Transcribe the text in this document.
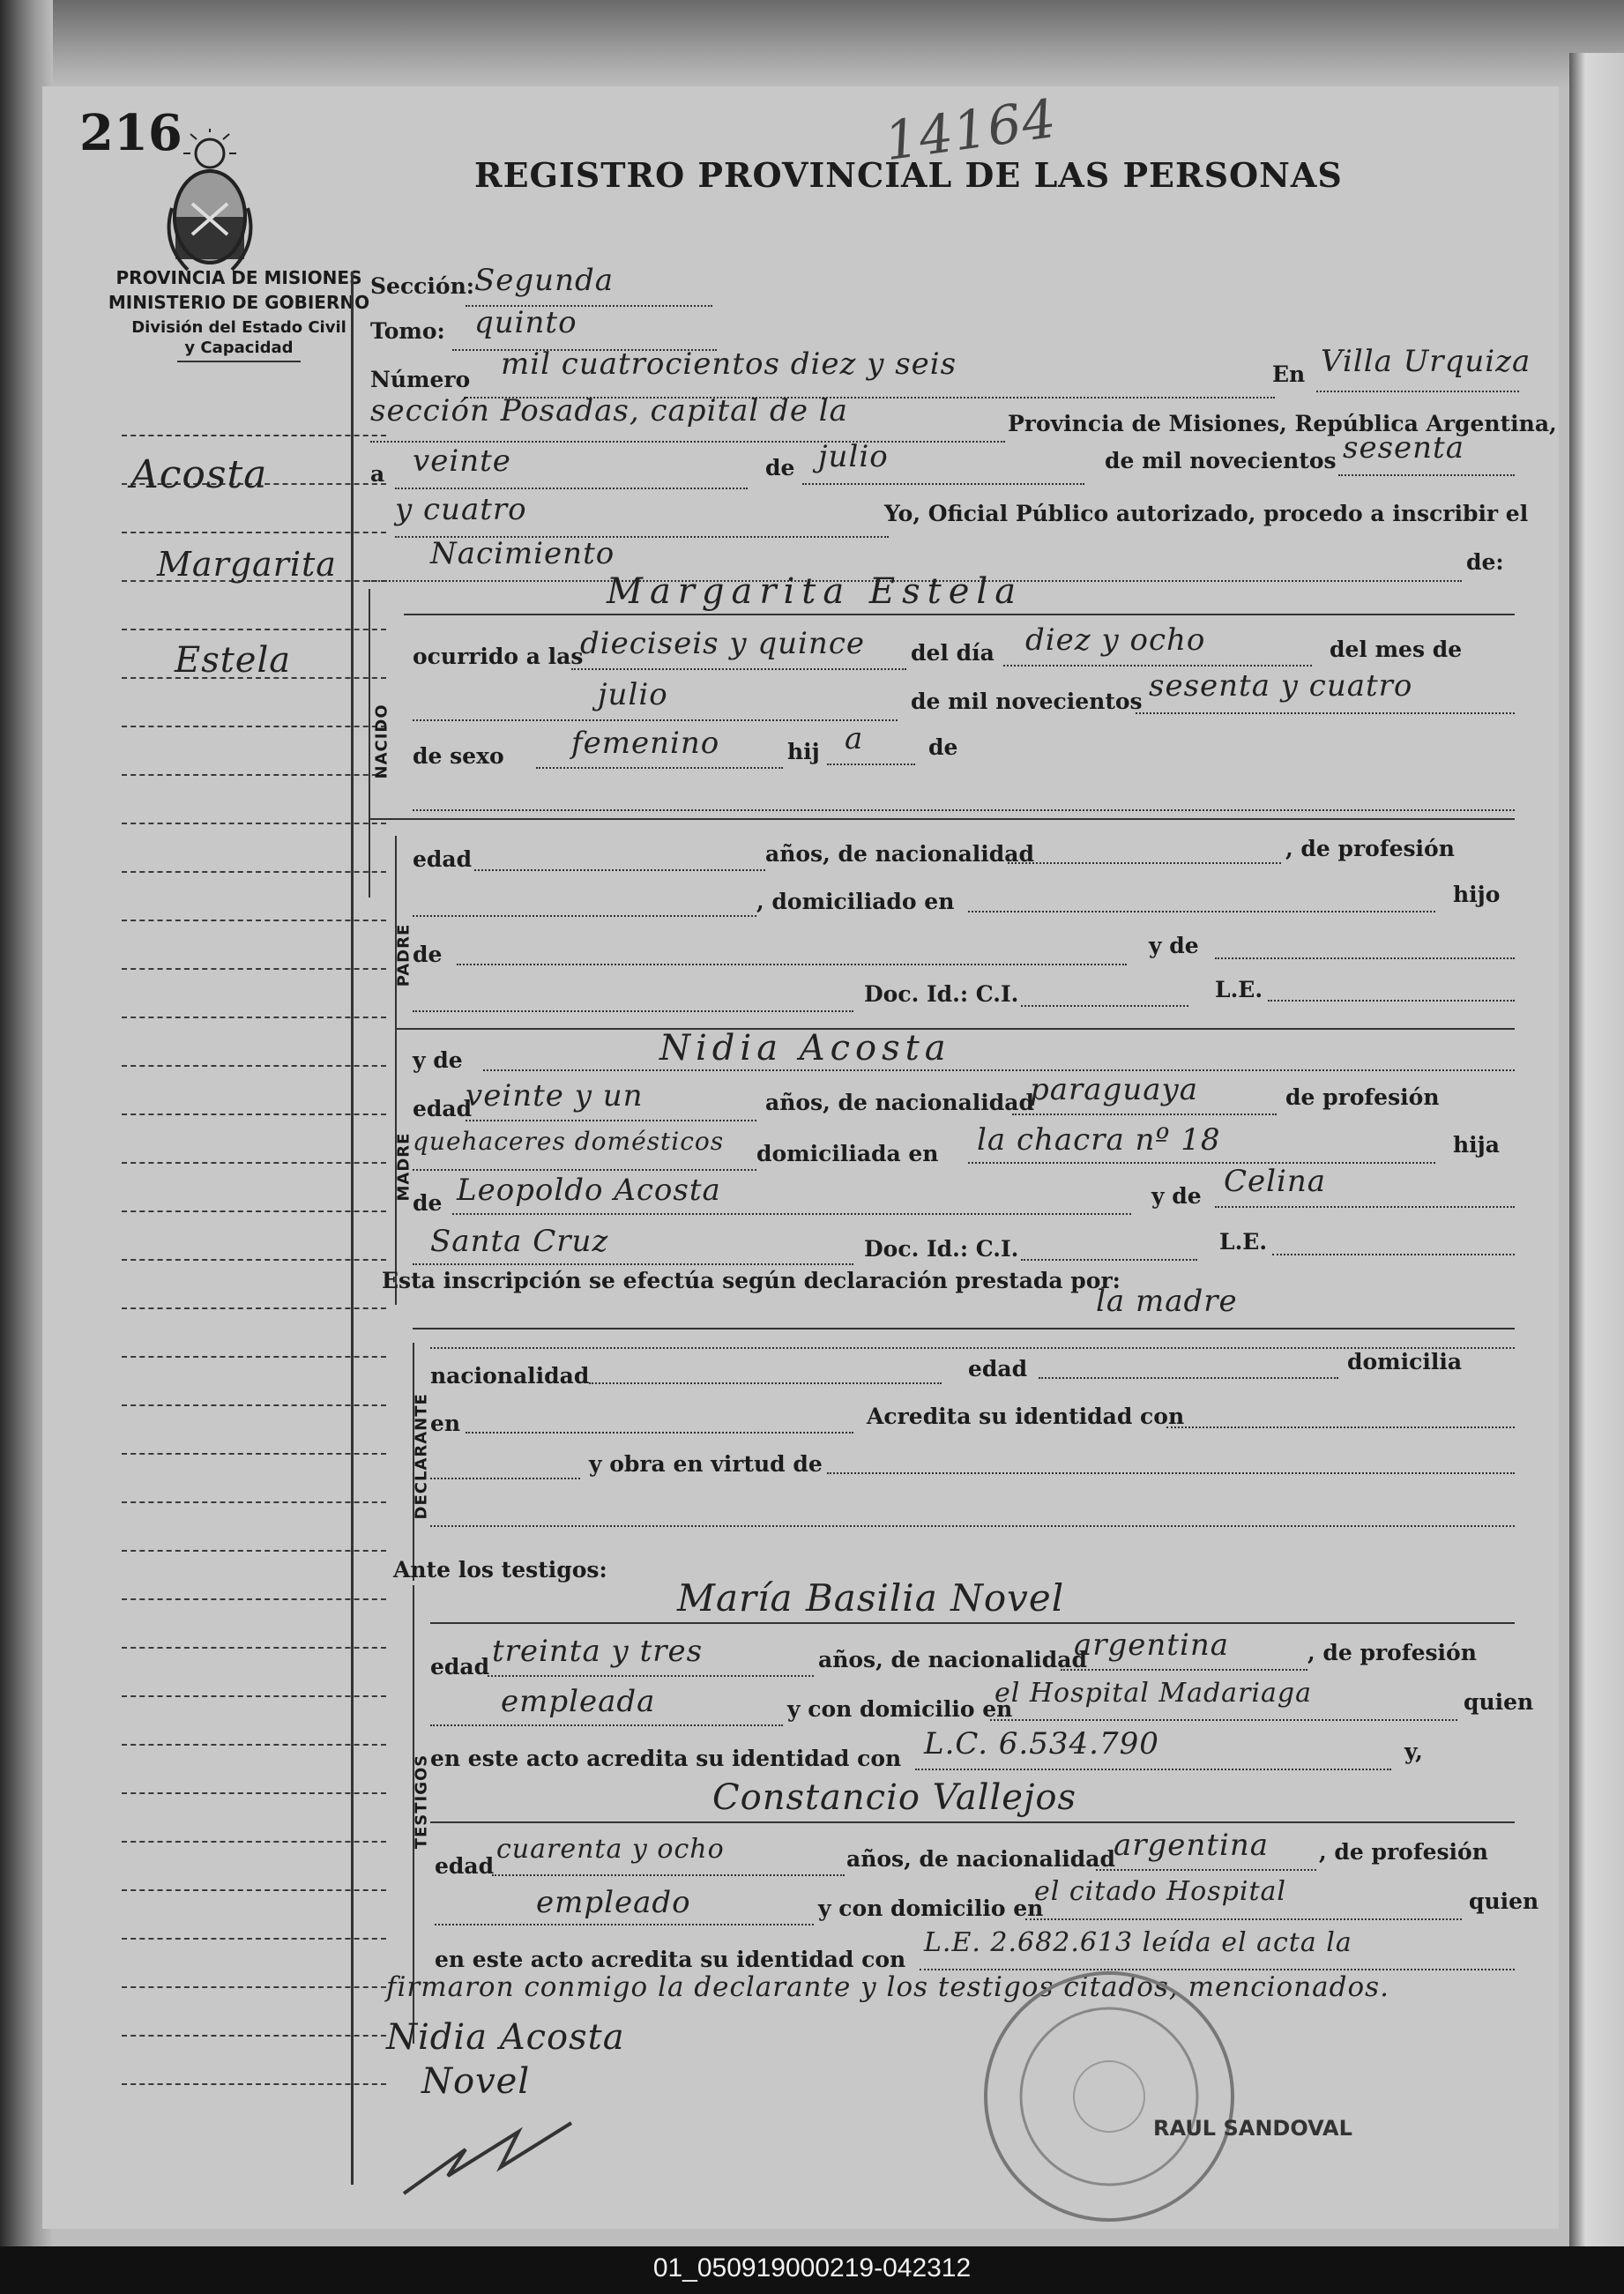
216	14164
REGISTRO PROVINCIAL DE LAS PERSONAS
PROVINCIA DE MISIONES
MINISTERIO DE GOBIERNO
División del Estado Civil
y Capacidad
Acosta
Margarita
Estela
Sección: Segunda
Tomo: quinto
Número mil cuatrocientos diez y seis	En Villa Urquiza
sección Posadas, capital de la	Provincia de Misiones, República Argentina,
a veinte	de julio	de mil novecientos sesenta
y cuatro	Yo, Oficial Público autorizado, procedo a inscribir el
Nacimiento	de:
NACIDO
Margarita Estela
ocurrido a las
dieciseis y quince del día diez y ocho	del mes de
julio	de mil novecientos sesenta y cuatro
de sexo femenino	hij a	de
PADRE
edad	años, de nacionalidad	, de profesión
, domiciliado en	hijo
de	y de
Doc. Id.: C.I.	L.E.
MADRE
y de	Nidia Acosta
edad
veinte y un	años, de nacionalidad
paraguaya	de profesión
quehaceres domésticos domiciliada en la chacra nº 18	hija
de Leopoldo Acosta	y de Celina
Santa Cruz	Doc. Id.: C.I.	L.E.
Esta inscripción se efectúa según declaración prestada por:
la madre
DECLARANTE
nacionalidad	edad	domicilia
en	Acredita su identidad con
y obra en virtud de
Ante los testigos:
TESTIGOS
María Basilia Novel
edad treinta y tres	años, de nacionalidad
argentina	, de profesión
empleada	y con domicilio en
el Hospital Madariaga	quien
en este acto acredita su identidad con L.C. 6.534.790	y,
Constancio Vallejos
edad
cuarenta y ocho	años, de nacionalidad
argentina , de profesión
empleado	y con domicilio en
el citado Hospital	quien
en este acto acredita su identidad con
L.E. 2.682.613 leída el acta la
firmaron conmigo la declarante y los testigos citados, mencionados.
Nidia Acosta
Novel
RAUL SANDOVAL
01_050919000219-042312
